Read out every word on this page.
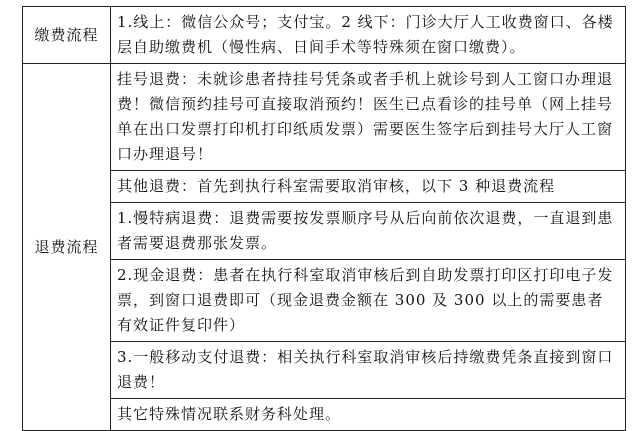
缴费流程	1.线上：微信公众号；支付宝。2 线下：门诊大厅人工收费窗口、各楼层自助缴费机（慢性病、日间手术等特殊须在窗口缴费）。

退费流程	挂号退费：未就诊患者持挂号凭条或者手机上就诊号到人工窗口办理退费！微信预约挂号可直接取消预约！医生已点看诊的挂号单（网上挂号单在出口发票打印机打印纸质发票）需要医生签字后到挂号大厅人工窗口办理退号！

	其他退费：首先到执行科室需要取消审核，以下 3 种退费流程

	1.慢特病退费：退费需要按发票顺序号从后向前依次退费，一直退到患者需要退费那张发票。

	2.现金退费：患者在执行科室取消审核后到自助发票打印区打印电子发票，到窗口退费即可（现金退费金额在 300 及 300 以上的需要患者有效证件复印件）

	3.一般移动支付退费：相关执行科室取消审核后持缴费凭条直接到窗口退费！

	其它特殊情况联系财务科处理。
